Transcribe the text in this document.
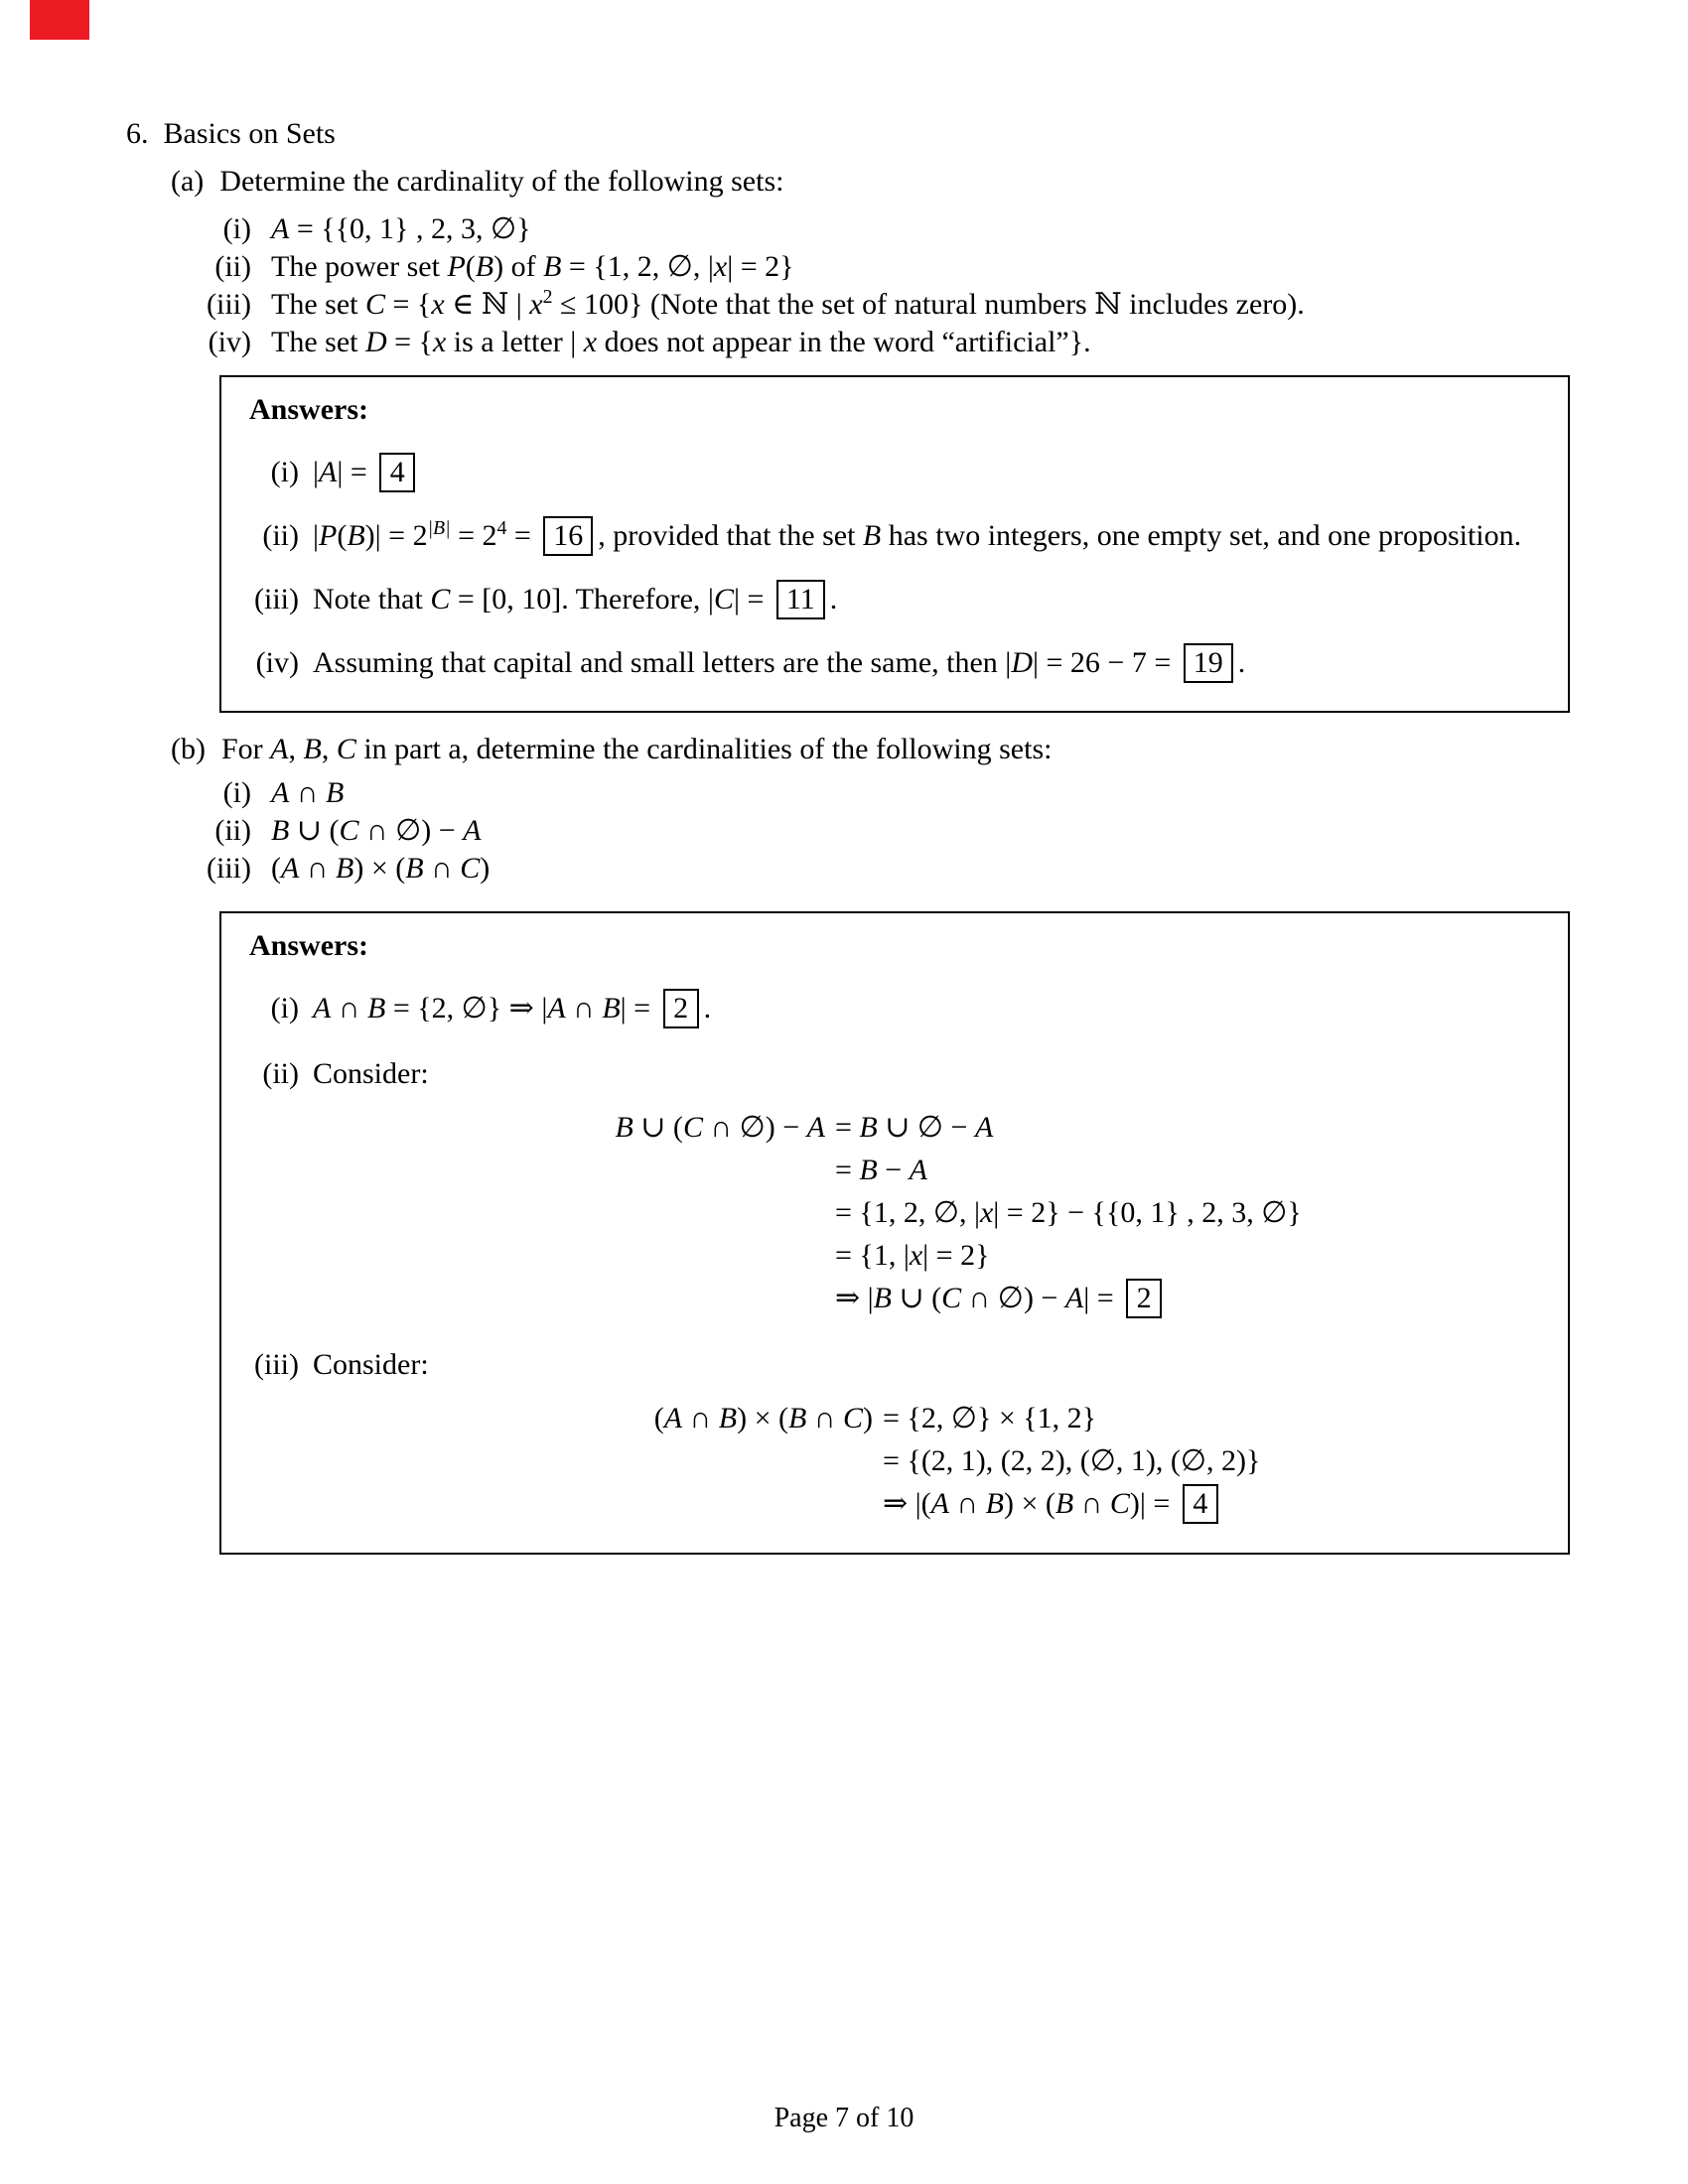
6. Basics on Sets
(a) Determine the cardinality of the following sets:
(i) A = {{0, 1} , 2, 3, ∅}
(ii) The power set P(B) of B = {1, 2, ∅, |x| = 2}
(iii) The set C = {x ∈ ℕ | $x^2 \le 100$} (Note that the set of natural numbers ℕ includes zero).
(iv) The set D = {x is a letter | x does not appear in the word “artificial”}.
Answers:
(i) |A| = 4
(ii) $|P(B)| = 2^{|B|} = 2^4 = 16$ , provided that the set B has two integers, one empty set, and one proposition.
(iii) Note that C = [0, 10]. Therefore, |C| = 11 .
(iv) Assuming that capital and small letters are the same, then |D| = 26 − 7 = 19 .
(b) For A, B, C in part a, determine the cardinalities of the following sets:
(i) A ∩ B
(ii) B ∪ (C ∩ ∅) − A
(iii) (A ∩ B) × (B ∩ C)
Answers:
(i) A ∩ B = {2, ∅} ⇒ |A ∩ B| = 2 .
(ii) Consider:
B ∪ (C ∩ ∅) − A = B ∪ ∅ − A
= B − A
= {1, 2, ∅, |x| = 2} − {{0, 1} , 2, 3, ∅}
= {1, |x| = 2}
⇒ |B ∪ (C ∩ ∅) − A| = 2
(iii) Consider:
(A ∩ B) × (B ∩ C) = {2, ∅} × {1, 2}
= {(2, 1), (2, 2), (∅, 1), (∅, 2)}
⇒ |(A ∩ B) × (B ∩ C)| = 4
Page 7 of 10
